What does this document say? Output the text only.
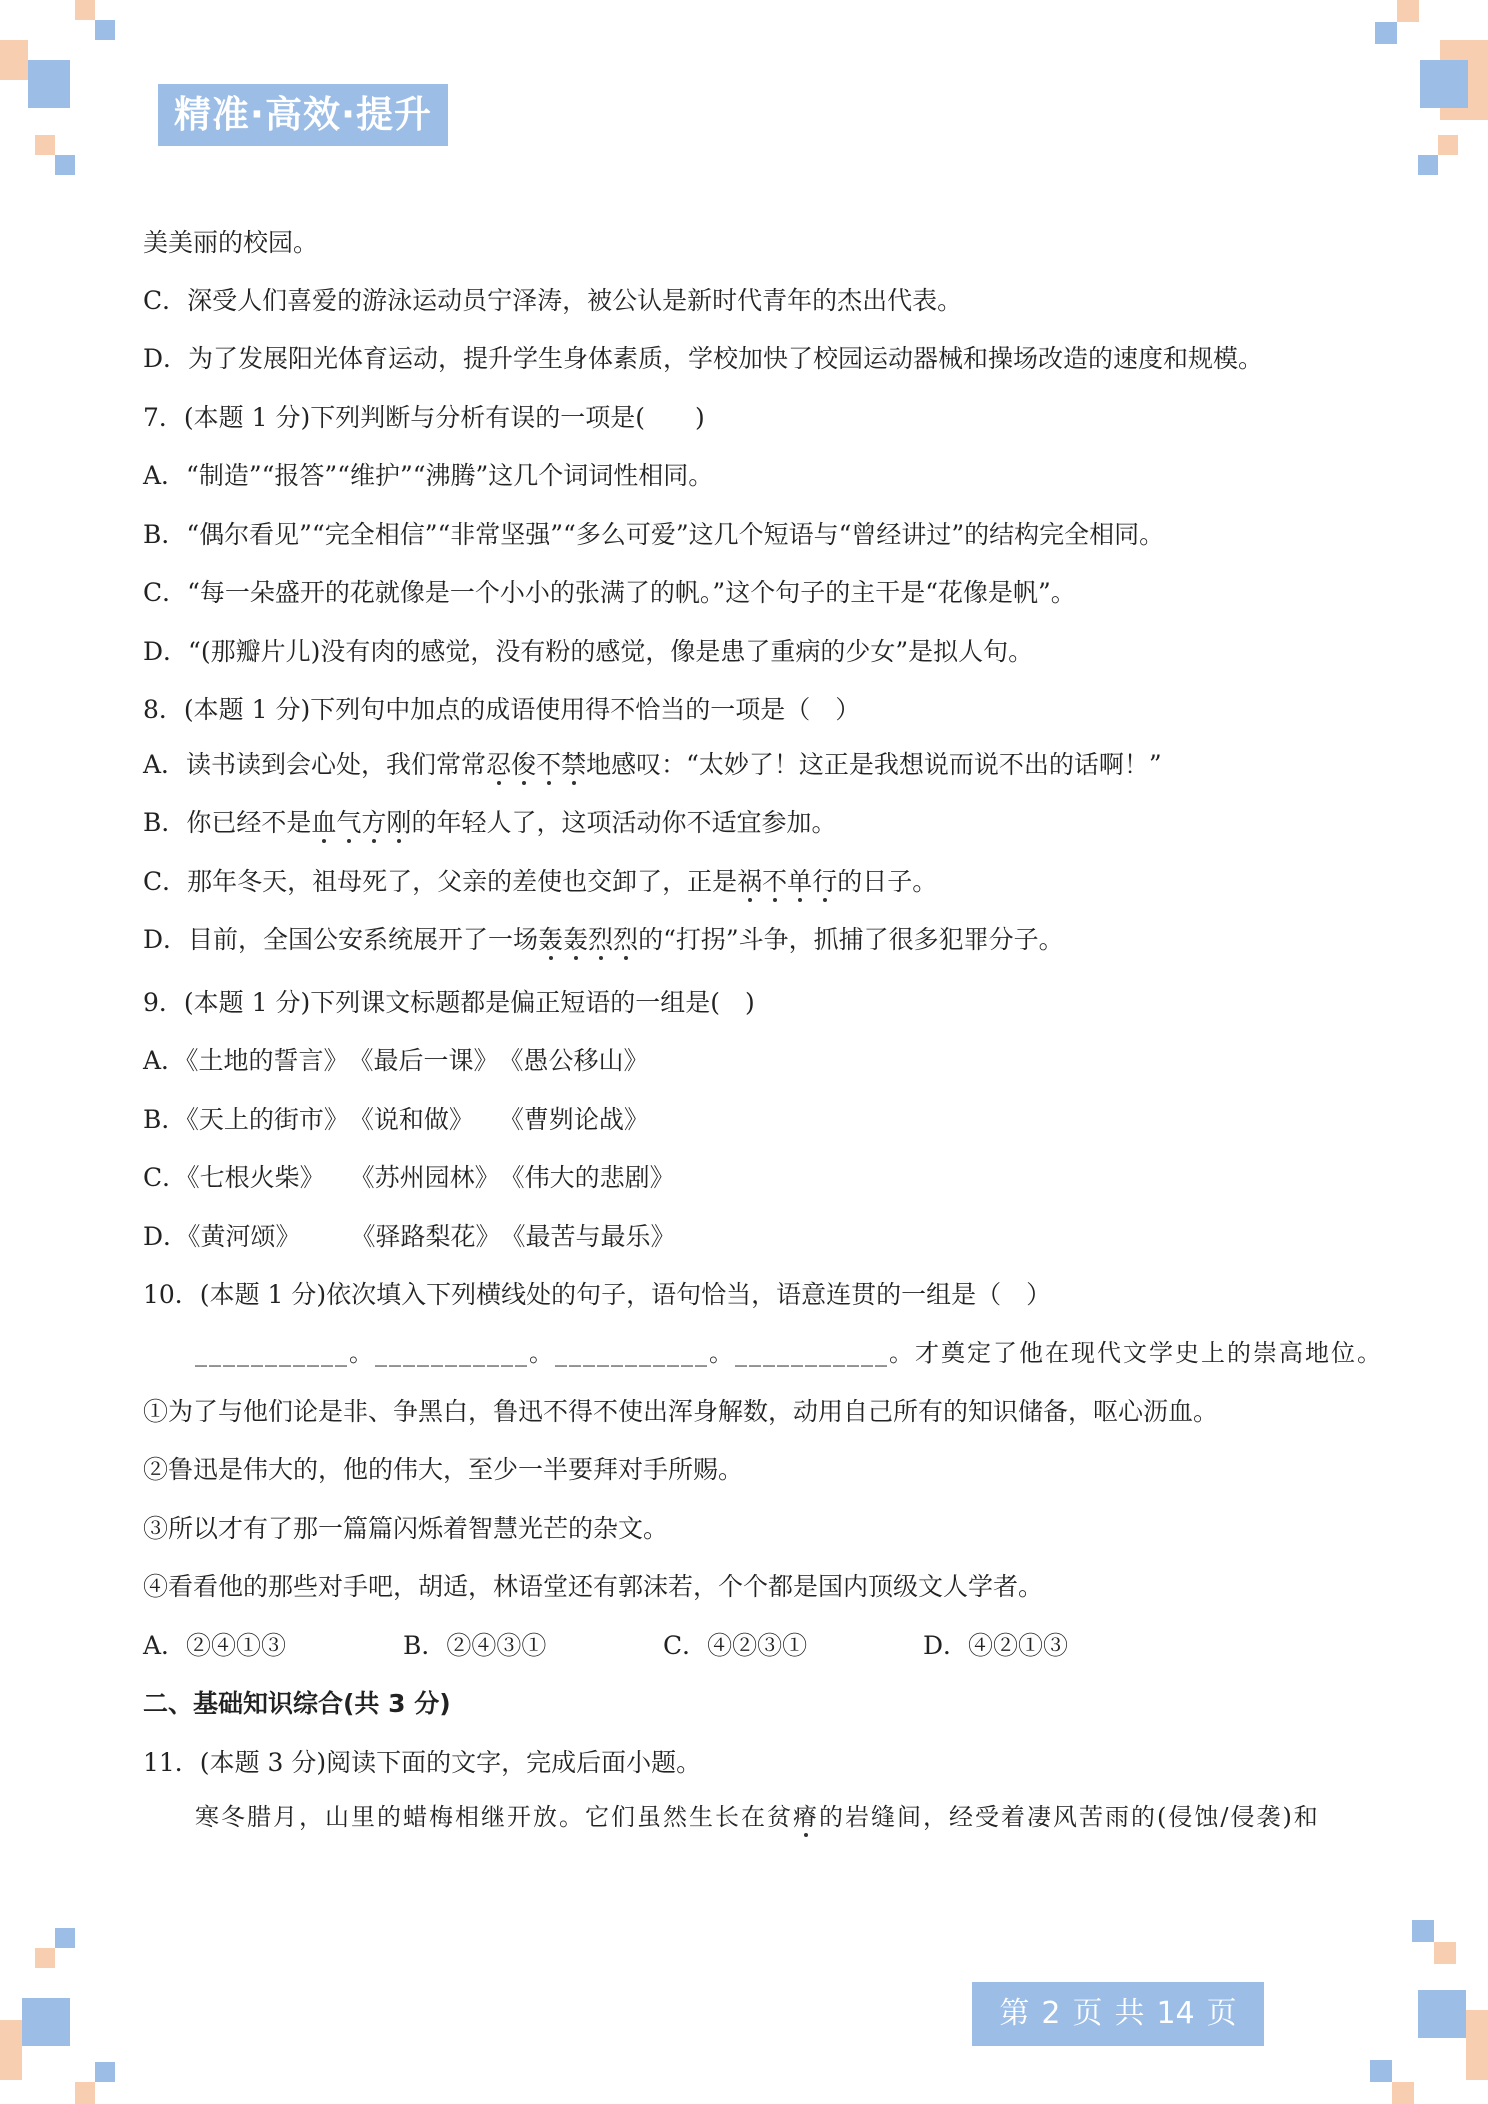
精准·高效·提升
美美丽的校园。
C．深受人们喜爱的游泳运动员宁泽涛，被公认是新时代青年的杰出代表。
D．为了发展阳光体育运动，提升学生身体素质，学校加快了校园运动器械和操场改造的速度和规模。
7．(本题 1 分)下列判断与分析有误的一项是(　　)
A．“制造”“报答”“维护”“沸腾”这几个词词性相同。
B．“偶尔看见”“完全相信”“非常坚强”“多么可爱”这几个短语与“曾经讲过”的结构完全相同。
C．“每一朵盛开的花就像是一个小小的张满了的帆。”这个句子的主干是“花像是帆”。
D．“(那瓣片儿)没有肉的感觉，没有粉的感觉，像是患了重病的少女”是拟人句。
8．(本题 1 分)下列句中加点的成语使用得不恰当的一项是（　）
A．读书读到会心处，我们常常忍俊不禁地感叹：“太妙了！这正是我想说而说不出的话啊！”
B．你已经不是血气方刚的年轻人了，这项活动你不适宜参加。
C．那年冬天，祖母死了，父亲的差使也交卸了，正是祸不单行的日子。
D．目前，全国公安系统展开了一场轰轰烈烈的“打拐”斗争，抓捕了很多犯罪分子。
9．(本题 1 分)下列课文标题都是偏正短语的一组是(　)
A．《土地的誓言》　《最后一课》　《愚公移山》
B．《天上的街市》　《说和做》　　《曹刿论战》
C．《七根火柴》　　《苏州园林》　《伟大的悲剧》
D．《黄河颂》　　　《驿路梨花》　《最苦与最乐》
10．(本题 1 分)依次填入下列横线处的句子，语句恰当，语意连贯的一组是（　）
___________。___________。___________。___________。才奠定了他在现代文学史上的崇高地位。
①为了与他们论是非、争黑白，鲁迅不得不使出浑身解数，动用自己所有的知识储备，呕心沥血。
②鲁迅是伟大的，他的伟大，至少一半要拜对手所赐。
③所以才有了那一篇篇闪烁着智慧光芒的杂文。
④看看他的那些对手吧，胡适，林语堂还有郭沫若，个个都是国内顶级文人学者。
A．②④①③	B．②④③①	C．④②③①	D．④②①③
二、基础知识综合(共 3 分)
11．(本题 3 分)阅读下面的文字，完成后面小题。
寒冬腊月，山里的蜡梅相继开放。它们虽然生长在贫瘠的岩缝间，经受着凄风苦雨的(侵蚀/侵袭)和
第 2 页 共 14 页
